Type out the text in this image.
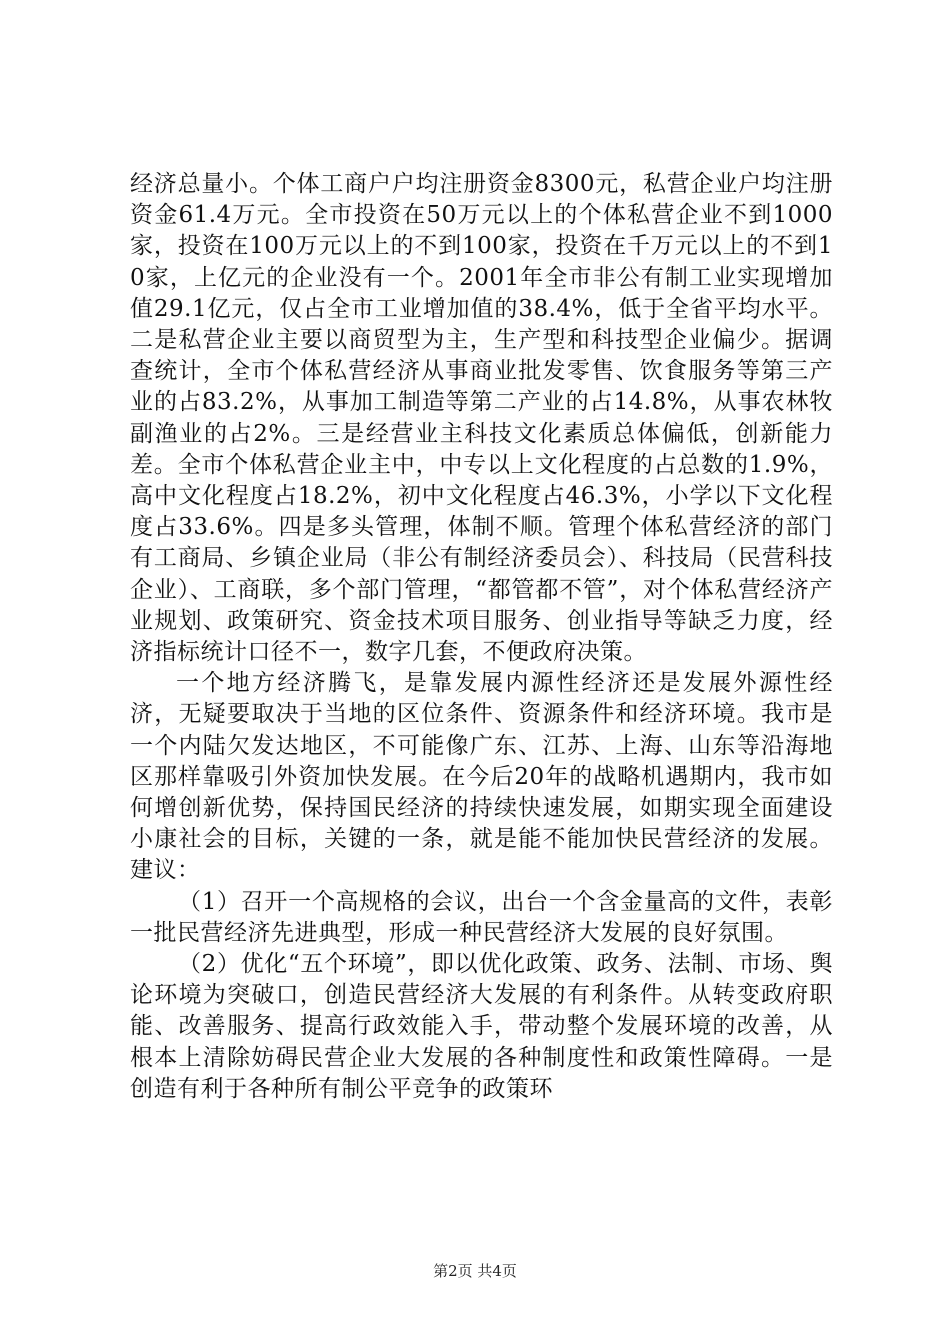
经济总量小。个体工商户户均注册资金8300元，私营企业户均注册资金61.4万元。全市投资在50万元以上的个体私营企业不到1000家，投资在100万元以上的不到100家，投资在千万元以上的不到10家，上亿元的企业没有一个。2001年全市非公有制工业实现增加值29.1亿元，仅占全市工业增加值的38.4%，低于全省平均水平。二是私营企业主要以商贸型为主，生产型和科技型企业偏少。据调查统计，全市个体私营经济从事商业批发零售、饮食服务等第三产业的占83.2%，从事加工制造等第二产业的占14.8%，从事农林牧副渔业的占2%。三是经营业主科技文化素质总体偏低，创新能力差。全市个体私营企业主中，中专以上文化程度的占总数的1.9%，高中文化程度占18.2%，初中文化程度占46.3%，小学以下文化程度占33.6%。四是多头管理，体制不顺。管理个体私营经济的部门有工商局、乡镇企业局（非公有制经济委员会）、科技局（民营科技企业）、工商联，多个部门管理，“都管都不管”，对个体私营经济产业规划、政策研究、资金技术项目服务、创业指导等缺乏力度，经济指标统计口径不一，数字几套，不便政府决策。

一个地方经济腾飞，是靠发展内源性经济还是发展外源性经济，无疑要取决于当地的区位条件、资源条件和经济环境。我市是一个内陆欠发达地区，不可能像广东、江苏、上海、山东等沿海地区那样靠吸引外资加快发展。在今后20年的战略机遇期内，我市如何增创新优势，保持国民经济的持续快速发展，如期实现全面建设小康社会的目标，关键的一条，就是能不能加快民营经济的发展。建议：

（1）召开一个高规格的会议，出台一个含金量高的文件，表彰一批民营经济先进典型，形成一种民营经济大发展的良好氛围。

（2）优化“五个环境”，即以优化政策、政务、法制、市场、舆论环境为突破口，创造民营经济大发展的有利条件。从转变政府职能、改善服务、提高行政效能入手，带动整个发展环境的改善，从根本上清除妨碍民营企业大发展的各种制度性和政策性障碍。一是创造有利于各种所有制公平竞争的政策环

第2页 共4页
